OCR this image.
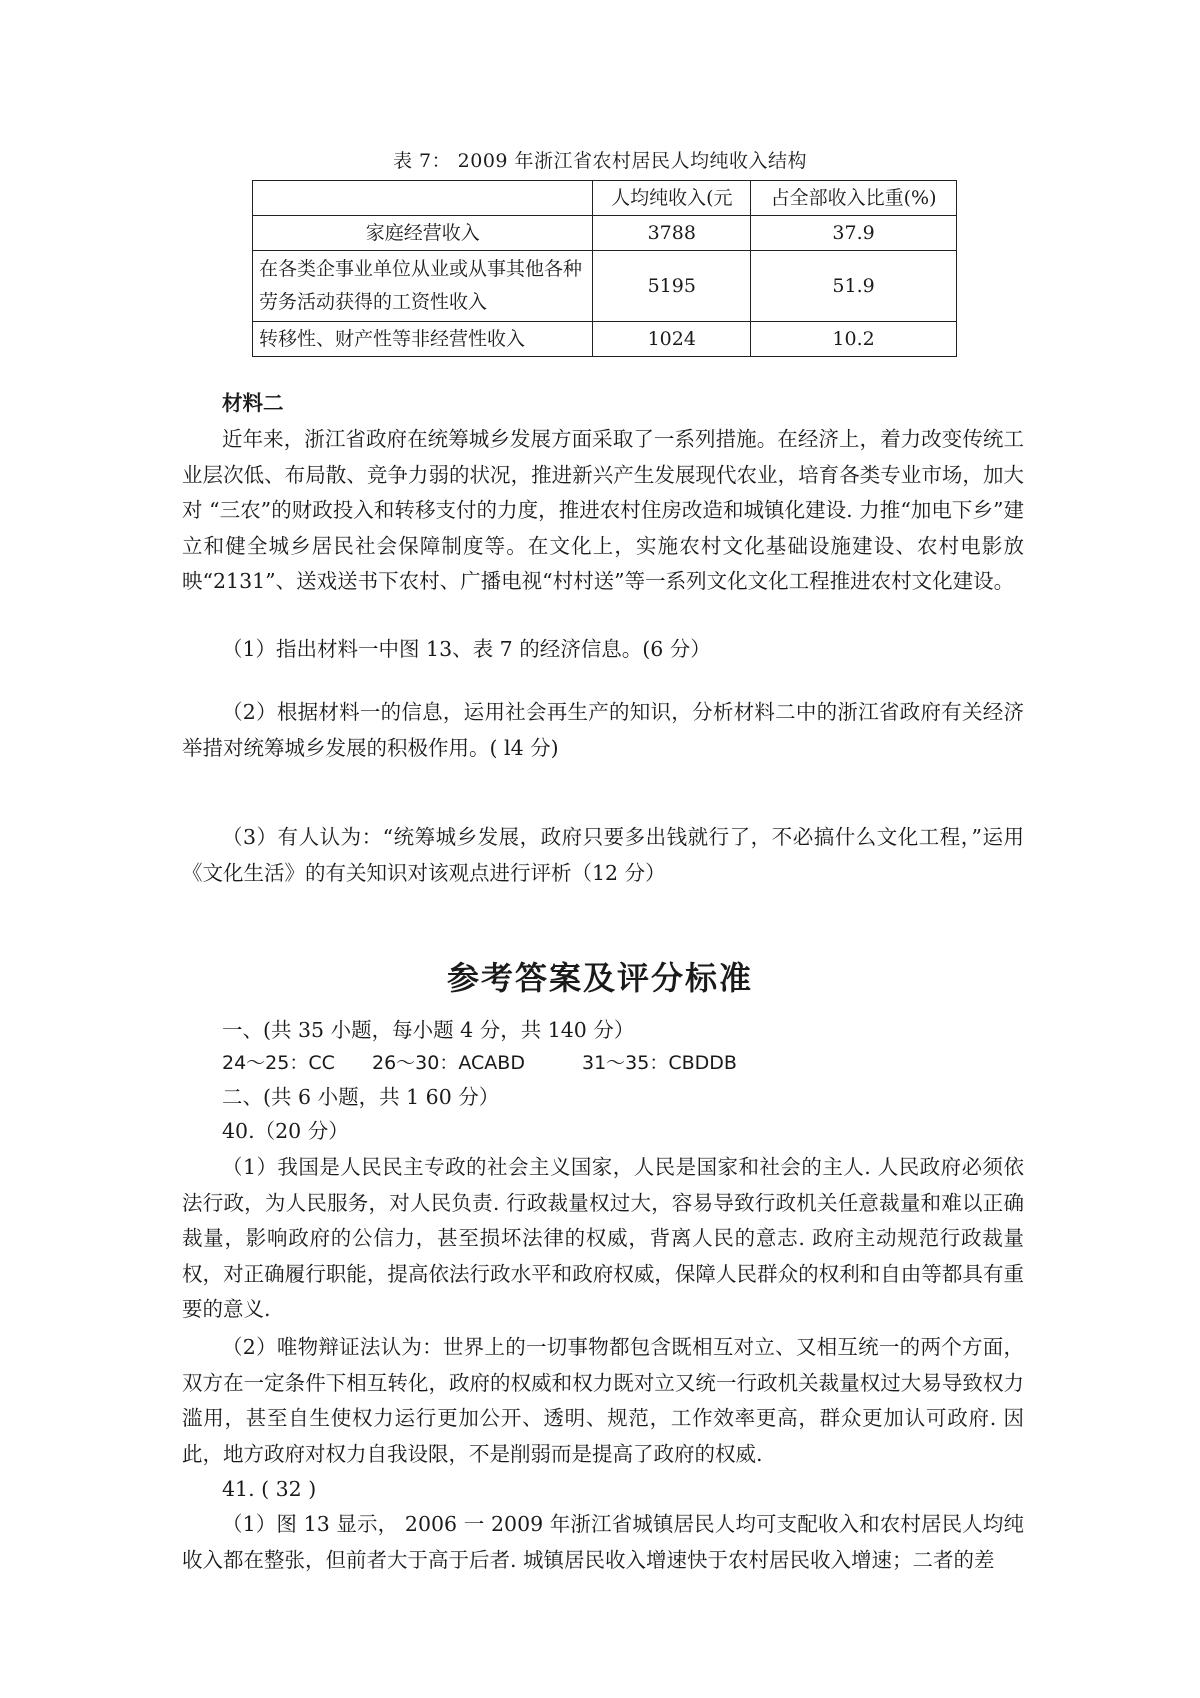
表 7： 2009 年浙江省农村居民人均纯收入结构
	人均纯收入(元	占全部收入比重(%)
家庭经营收入	3788	37.9
在各类企事业单位从业或从事其他各种劳务活动获得的工资性收入	5195	51.9
转移性、财产性等非经营性收入	1024	10.2
材料二
近年来，浙江省政府在统筹城乡发展方面采取了一系列措施。在经济上，着力改变传统工业层次低、布局散、竞争力弱的状况，推进新兴产生发展现代农业，培育各类专业市场，加大对 “三农”的财政投入和转移支付的力度，推进农村住房改造和城镇化建设. 力推“加电下乡”建立和健全城乡居民社会保障制度等。在文化上，实施农村文化基础设施建设、农村电影放映“2131”、送戏送书下农村、广播电视“村村送”等一系列文化文化工程推进农村文化建设。
（1）指出材料一中图 13、表 7 的经济信息。(6 分）
（2）根据材料一的信息，运用社会再生产的知识，分析材料二中的浙江省政府有关经济举措对统筹城乡发展的积极作用。( l4 分)
（3）有人认为：“统筹城乡发展，政府只要多出钱就行了，不必搞什么文化工程，”运用《文化生活》的有关知识对该观点进行评析（12 分）
参考答案及评分标准
一、(共 35 小题，每小题 4 分，共 140 分）
24～25：CC 26～30：ACABD	31～35：CBDDB
二、(共 6 小题，共 1 60 分）
40.（20 分）
（1）我国是人民民主专政的社会主义国家，人民是国家和社会的主人. 人民政府必须依法行政，为人民服务，对人民负责. 行政裁量权过大，容易导致行政机关任意裁量和难以正确裁量，影响政府的公信力，甚至损坏法律的权威，背离人民的意志. 政府主动规范行政裁量权，对正确履行职能，提高依法行政水平和政府权威，保障人民群众的权利和自由等都具有重要的意义.
（2）唯物辩证法认为：世界上的一切事物都包含既相互对立、又相互统一的两个方面，双方在一定条件下相互转化，政府的权威和权力既对立又统一行政机关裁量权过大易导致权力滥用，甚至自生使权力运行更加公开、透明、规范，工作效率更高，群众更加认可政府. 因此，地方政府对权力自我设限，不是削弱而是提高了政府的权威.
41. ( 32 )
（1）图 13 显示， 2006 一 2009 年浙江省城镇居民人均可支配收入和农村居民人均纯收入都在整张，但前者大于高于后者. 城镇居民收入增速快于农村居民收入增速；二者的差
